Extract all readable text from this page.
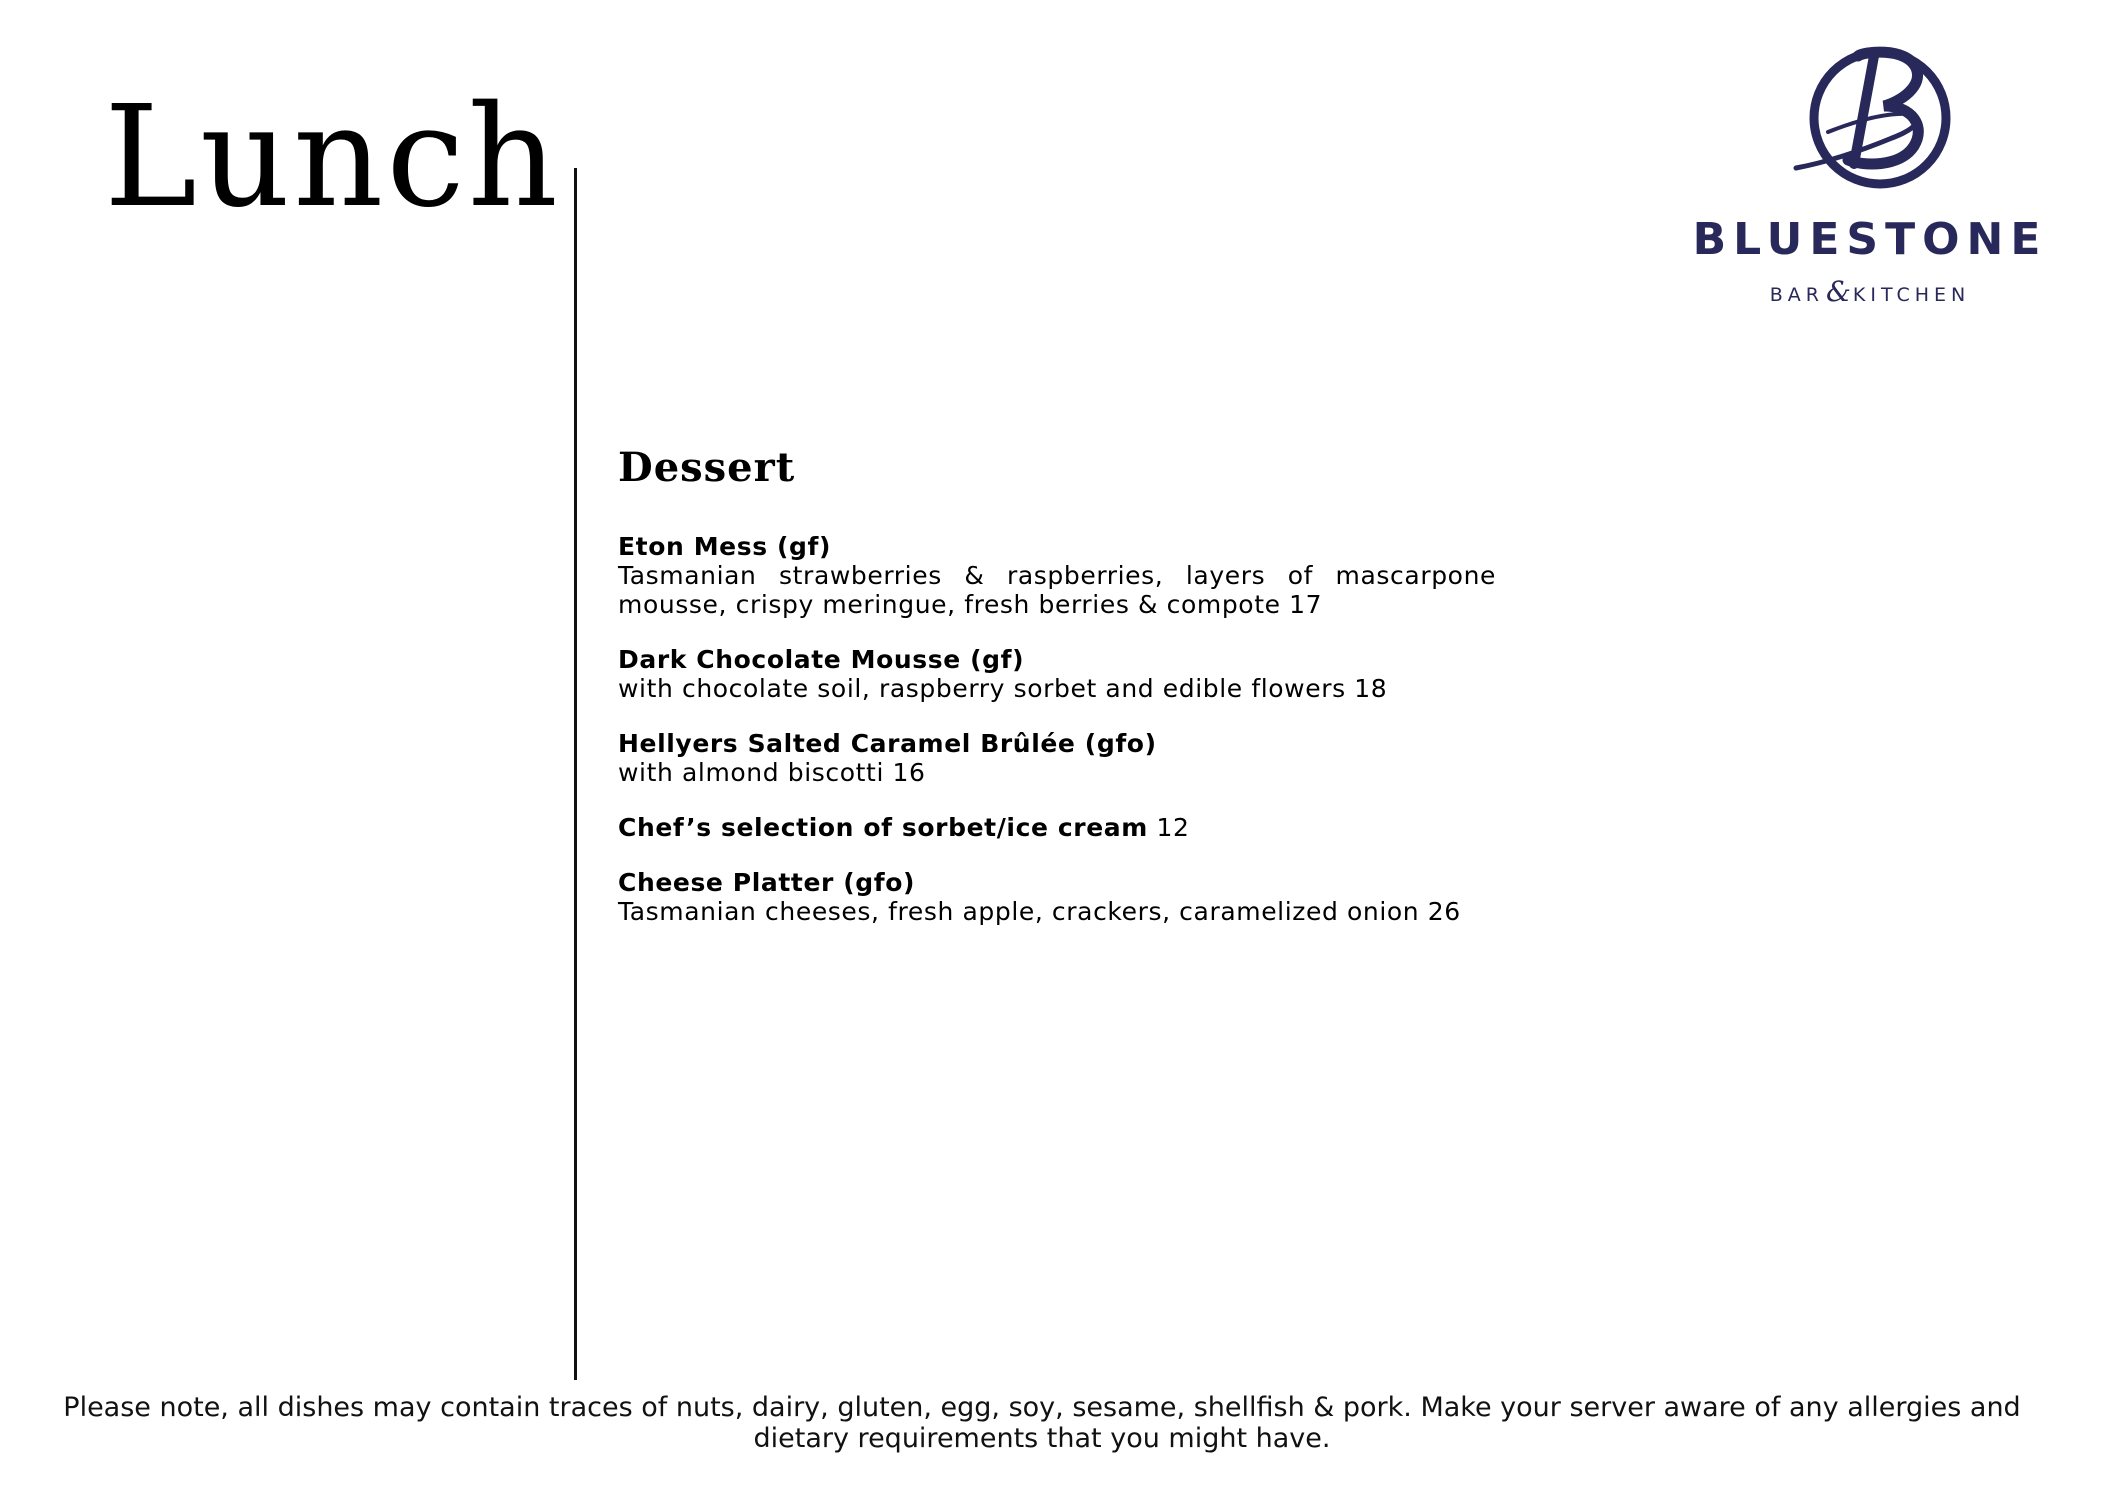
Lunch
BLUESTONE
BAR& KITCHEN
Dessert
Eton Mess (gf)
Tasmanian strawberries & raspberries, layers of mascarpone mousse, crispy meringue, fresh berries & compote 17
Dark Chocolate Mousse (gf)
with chocolate soil, raspberry sorbet and edible flowers 18
Hellyers Salted Caramel Brûlée (gfo)
with almond biscotti 16
Chef’s selection of sorbet/ice cream 12
Cheese Platter (gfo)
Tasmanian cheeses, fresh apple, crackers, caramelized onion 26
Please note, all dishes may contain traces of nuts, dairy, gluten, egg, soy, sesame, shellfish & pork. Make your server aware of any allergies and dietary requirements that you might have.
